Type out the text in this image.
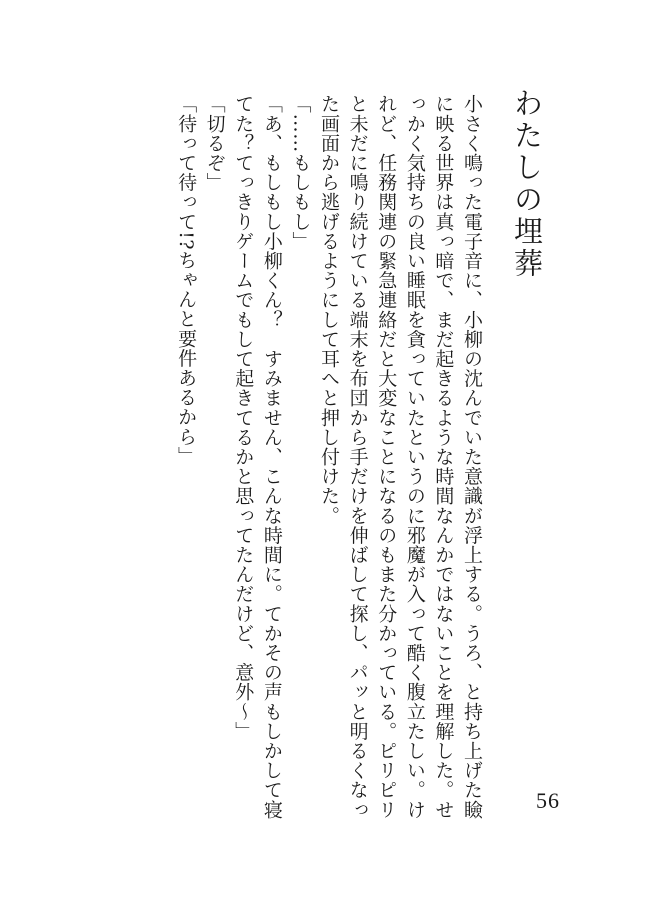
わたしの埋葬

小さく鳴った電子音に、小柳の沈んでいた意識が浮上する。うろ、と持ち上げた瞼に映る世界は真っ暗で、まだ起きるような時間なんかではないことを理解した。せっかく気持ちの良い睡眠を貪っていたというのに邪魔が入って酷く腹立たしい。けれど、任務関連の緊急連絡だと大変なことになるのもまた分かっている。ピリピリと未だに鳴り続けている端末を布団から手だけを伸ばして探し、パッと明るくなった画面から逃げるようにして耳へと押し付けた。

「……もしもし」

「あ、もしもし小柳くん？　すみません、こんな時間に。てかその声もしかして寝てた？てっきりゲームでもして起きてるかと思ってたんだけど、意外〜」

「切るぞ」

「待って待って!?ちゃんと要件あるから」

56
